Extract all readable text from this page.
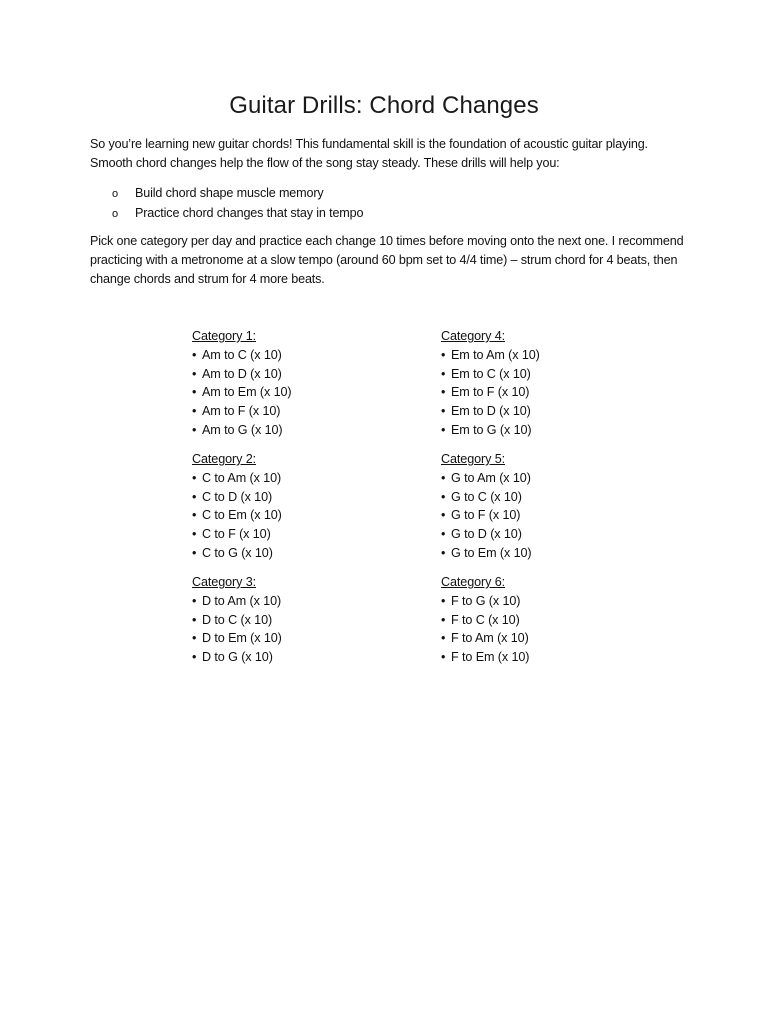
Guitar Drills: Chord Changes

So you’re learning new guitar chords! This fundamental skill is the foundation of acoustic guitar playing. Smooth chord changes help the flow of the song stay steady. These drills will help you:

o	Build chord shape muscle memory
o	Practice chord changes that stay in tempo

Pick one category per day and practice each change 10 times before moving onto the next one. I recommend practicing with a metronome at a slow tempo (around 60 bpm set to 4/4 time) – strum chord for 4 beats, then change chords and strum for 4 more beats.

Category 1:
• Am to C (x 10)
• Am to D (x 10)
• Am to Em (x 10)
• Am to F (x 10)
• Am to G (x 10)
Category 2:
• C to Am (x 10)
• C to D (x 10)
• C to Em (x 10)
• C to F (x 10)
• C to G (x 10)
Category 3:
• D to Am (x 10)
• D to C (x 10)
• D to Em (x 10)
• D to G (x 10)
Category 4:
• Em to Am (x 10)
• Em to C (x 10)
• Em to F (x 10)
• Em to D (x 10)
• Em to G (x 10)
Category 5:
• G to Am (x 10)
• G to C (x 10)
• G to F (x 10)
• G to D (x 10)
• G to Em (x 10)
Category 6:
• F to G (x 10)
• F to C (x 10)
• F to Am (x 10)
• F to Em (x 10)
